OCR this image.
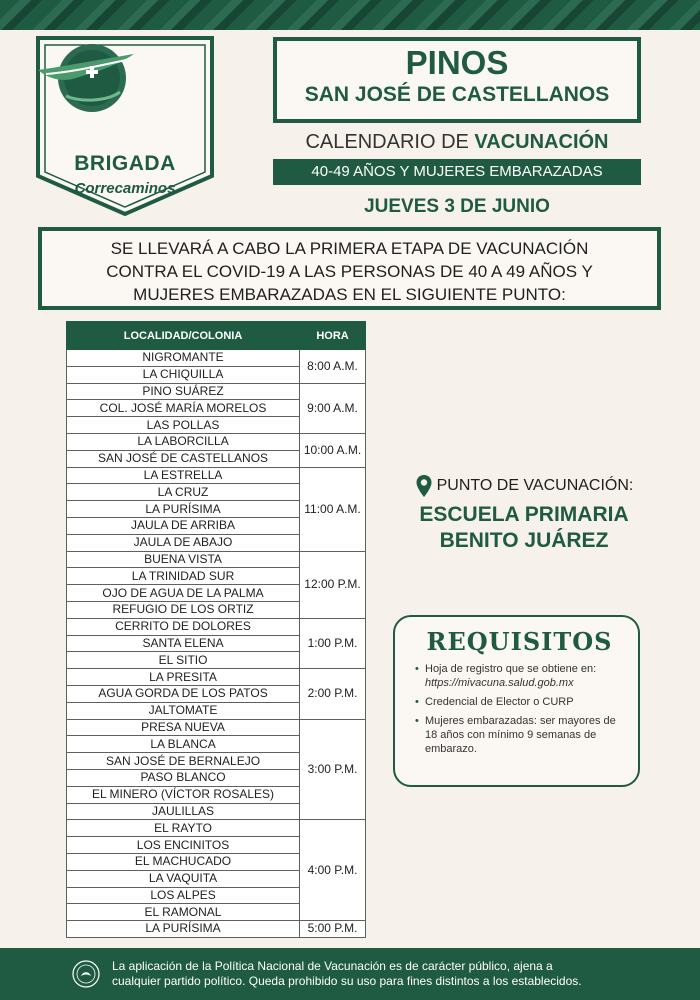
BRIGADA
Correcaminos
PINOS
SAN JOSÉ DE CASTELLANOS
CALENDARIO DE VACUNACIÓN
40-49 AÑOS Y MUJERES EMBARAZADAS
JUEVES 3 DE JUNIO
SE LLEVARÁ A CABO LA PRIMERA ETAPA DE VACUNACIÓN
CONTRA EL COVID-19 A LAS PERSONAS DE 40 A 49 AÑOS Y
MUJERES EMBARAZADAS EN EL SIGUIENTE PUNTO:
LOCALIDAD/COLONIA	HORA
NIGROMANTE	8:00 A.M.
LA CHIQUILLA	
PINO SUÁREZ	9:00 A.M.
COL. JOSÉ MARÍA MORELOS	
LAS POLLAS	
LA LABORCILLA	10:00 A.M.
SAN JOSÉ DE CASTELLANOS	
LA ESTRELLA	11:00 A.M.
LA CRUZ	
LA PURÍSIMA	
JAULA DE ARRIBA	
JAULA DE ABAJO	
BUENA VISTA	12:00 P.M.
LA TRINIDAD SUR	
OJO DE AGUA DE LA PALMA	
REFUGIO DE LOS ORTIZ	
CERRITO DE DOLORES	1:00 P.M.
SANTA ELENA	
EL SITIO	
LA PRESITA	2:00 P.M.
AGUA GORDA DE LOS PATOS	
JALTOMATE	
PRESA NUEVA	3:00 P.M.
LA BLANCA	
SAN JOSÉ DE BERNALEJO	
PASO BLANCO	
EL MINERO (VÍCTOR ROSALES)	
JAULILLAS	
EL RAYTO	4:00 P.M.
LOS ENCINITOS	
EL MACHUCADO	
LA VAQUITA	
LOS ALPES	
EL RAMONAL	
LA PURÍSIMA	5:00 P.M.
PUNTO DE VACUNACIÓN:
ESCUELA PRIMARIA
BENITO JUÁREZ
REQUISITOS
• Hoja de registro que se obtiene en: https://mivacuna.salud.gob.mx
• Credencial de Elector o CURP
• Mujeres embarazadas: ser mayores de 18 años con mínimo 9 semanas de embarazo.
La aplicación de la Política Nacional de Vacunación es de carácter público, ajena a
cualquier partido político. Queda prohibido su uso para fines distintos a los establecidos.
